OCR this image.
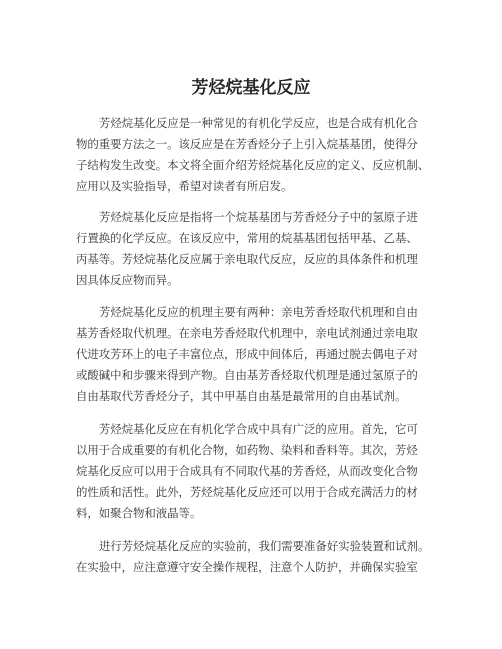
芳烃烷基化反应
芳烃烷基化反应是一种常见的有机化学反应，也是合成有机化合
物的重要方法之一。该反应是在芳香烃分子上引入烷基基团，使得分
子结构发生改变。本文将全面介绍芳烃烷基化反应的定义、反应机制、
应用以及实验指导，希望对读者有所启发。
芳烃烷基化反应是指将一个烷基基团与芳香烃分子中的氢原子进
行置换的化学反应。在该反应中，常用的烷基基团包括甲基、乙基、
丙基等。芳烃烷基化反应属于亲电取代反应，反应的具体条件和机理
因具体反应物而异。
芳烃烷基化反应的机理主要有两种：亲电芳香烃取代机理和自由
基芳香烃取代机理。在亲电芳香烃取代机理中，亲电试剂通过亲电取
代进攻芳环上的电子丰富位点，形成中间体后，再通过脱去偶电子对
或酸碱中和步骤来得到产物。自由基芳香烃取代机理是通过氢原子的
自由基取代芳香烃分子，其中甲基自由基是最常用的自由基试剂。
芳烃烷基化反应在有机化学合成中具有广泛的应用。首先，它可
以用于合成重要的有机化合物，如药物、染料和香料等。其次，芳烃
烷基化反应可以用于合成具有不同取代基的芳香烃，从而改变化合物
的性质和活性。此外，芳烃烷基化反应还可以用于合成充满活力的材
料，如聚合物和液晶等。
进行芳烃烷基化反应的实验前，我们需要准备好实验装置和试剂。
在实验中，应注意遵守安全操作规程，注意个人防护，并确保实验室
